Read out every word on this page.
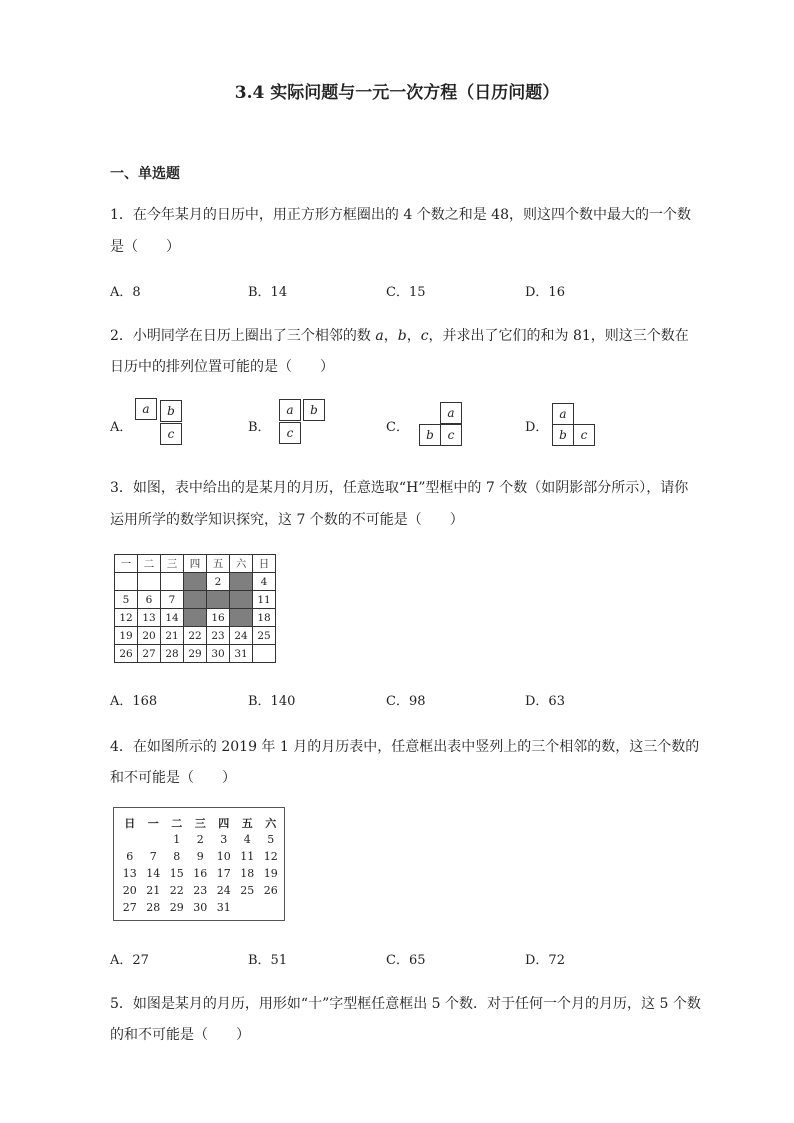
3.4 实际问题与一元一次方程（日历问题）
一、单选题
1．在今年某月的日历中，用正方形方框圈出的 4 个数之和是 48，则这四个数中最大的一个数
是（　　）
A．8	B．14	C．15	D．16
2．小明同学在日历上圈出了三个相邻的数 a，b，c，并求出了它们的和为 81，则这三个数在
日历中的排列位置可能的是（　　）
A．
a	b
c	B．
a	b
c	C．
a
b	c	D．
a
b	c
3．如图，表中给出的是某月的月历，任意选取“H”型框中的 7 个数（如阴影部分所示），请你
运用所学的数学知识探究，这 7 个数的不可能是（　　）
一	二	三	四	五	六	日
				2		4
5	6	7				11
12	13	14		16		18
19	20	21	22	23	24	25
26	27	28	29	30	31	
A．168	B．140	C．98	D．63
4．在如图所示的 2019 年 1 月的月历表中，任意框出表中竖列上的三个相邻的数，这三个数的
和不可能是（　　）
日	一	二	三	四	五	六
		1	2	3	4	5
6	7	8	9	10	11	12
13	14	15	16	17	18	19
20	21	22	23	24	25	26
27	28	29	30	31		
A．27	B．51	C．65	D．72
5．如图是某月的月历，用形如“十”字型框任意框出 5 个数．对于任何一个月的月历，这 5 个数
的和不可能是（　　）
